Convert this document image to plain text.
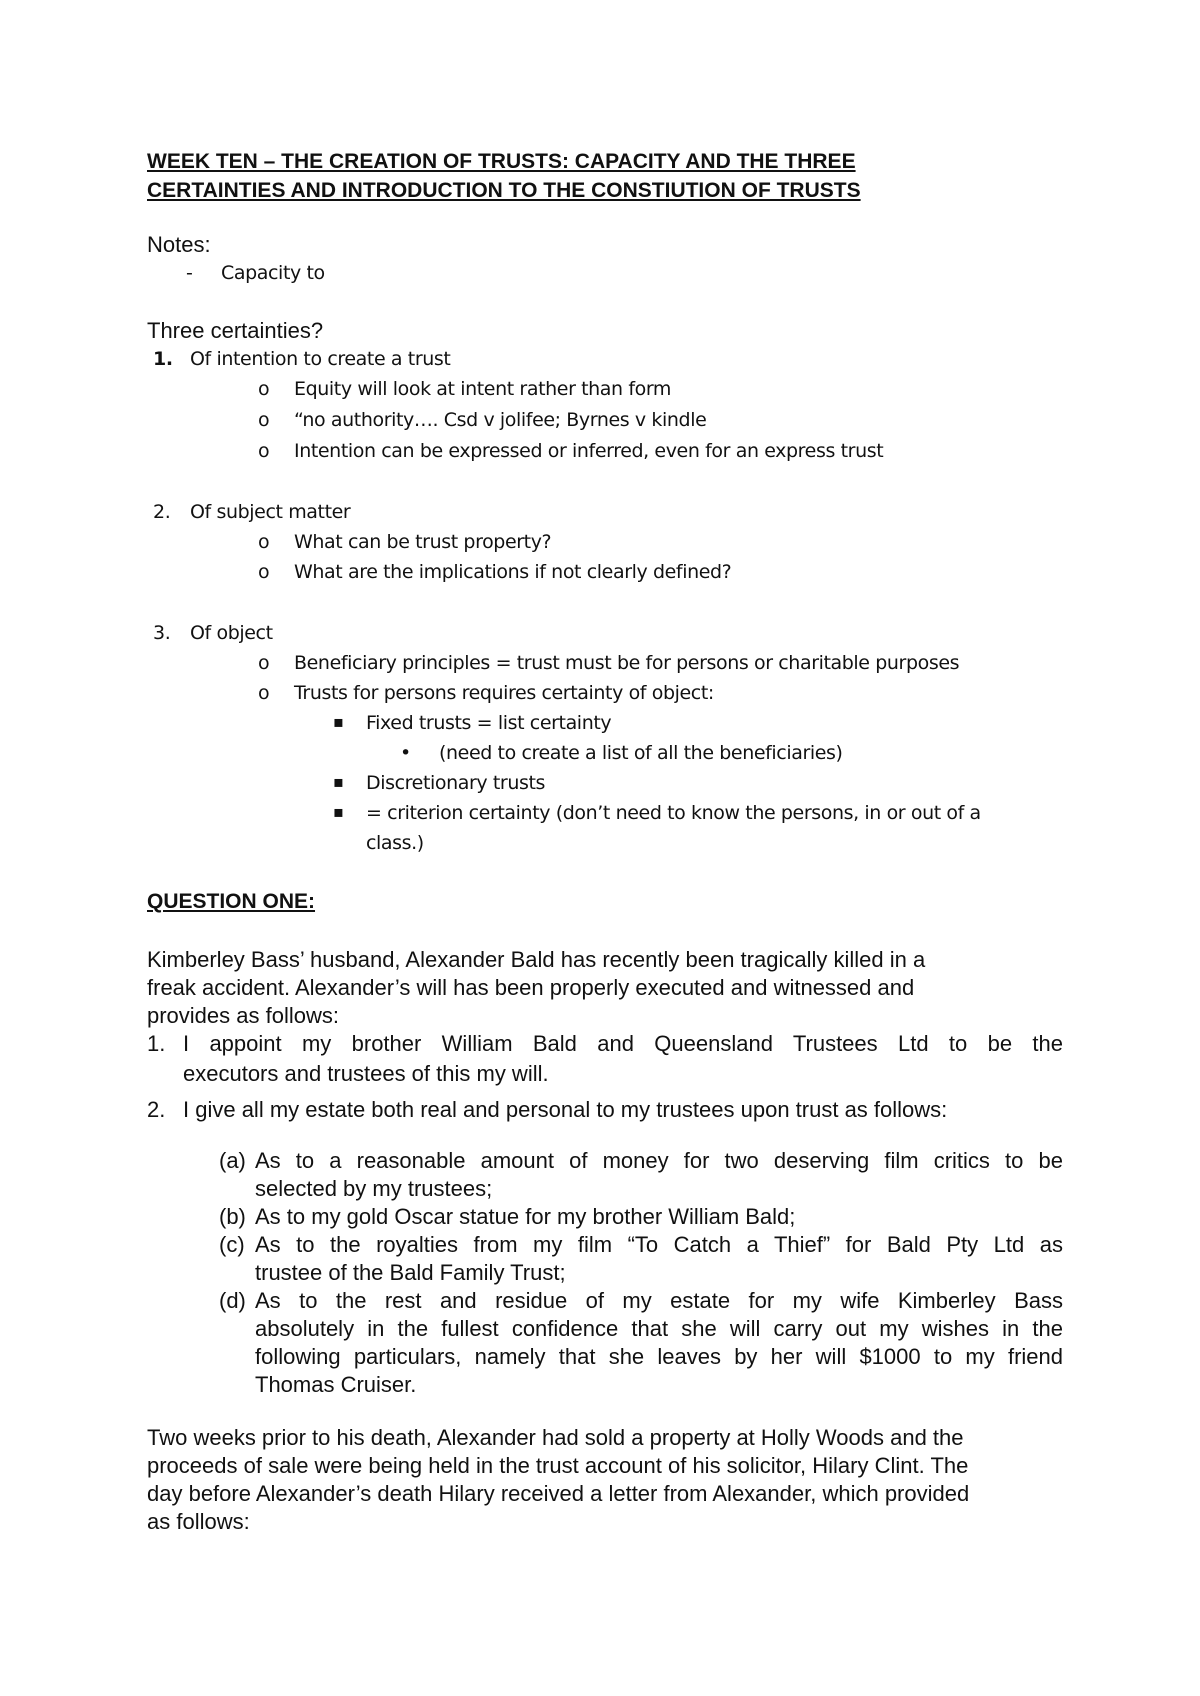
WEEK TEN – THE CREATION OF TRUSTS: CAPACITY AND THE THREE
CERTAINTIES AND INTRODUCTION TO THE CONSTIUTION OF TRUSTS
Notes:
- Capacity to
Three certainties?
1. Of intention to create a trust
o Equity will look at intent rather than form
o “no authority…. Csd v jolifee; Byrnes v kindle
o Intention can be expressed or inferred, even for an express trust
2. Of subject matter
o What can be trust property?
o What are the implications if not clearly defined?
3. Of object
o Beneficiary principles = trust must be for persons or charitable purposes
o Trusts for persons requires certainty of object:
▪ Fixed trusts = list certainty
• (need to create a list of all the beneficiaries)
▪ Discretionary trusts
▪ = criterion certainty (don’t need to know the persons, in or out of a
class.)
QUESTION ONE:
Kimberley Bass’ husband, Alexander Bald has recently been tragically killed in a
freak accident. Alexander’s will has been properly executed and witnessed and
provides as follows:
1. I appoint my brother William Bald and Queensland Trustees Ltd to be the
executors and trustees of this my will.
2. I give all my estate both real and personal to my trustees upon trust as follows:
(a) As to a reasonable amount of money for two deserving film critics to be
selected by my trustees;
(b) As to my gold Oscar statue for my brother William Bald;
(c) As to the royalties from my film “To Catch a Thief” for Bald Pty Ltd as
trustee of the Bald Family Trust;
(d) As to the rest and residue of my estate for my wife Kimberley Bass
absolutely in the fullest confidence that she will carry out my wishes in the
following particulars, namely that she leaves by her will $1000 to my friend
Thomas Cruiser.
Two weeks prior to his death, Alexander had sold a property at Holly Woods and the
proceeds of sale were being held in the trust account of his solicitor, Hilary Clint. The
day before Alexander’s death Hilary received a letter from Alexander, which provided
as follows:
